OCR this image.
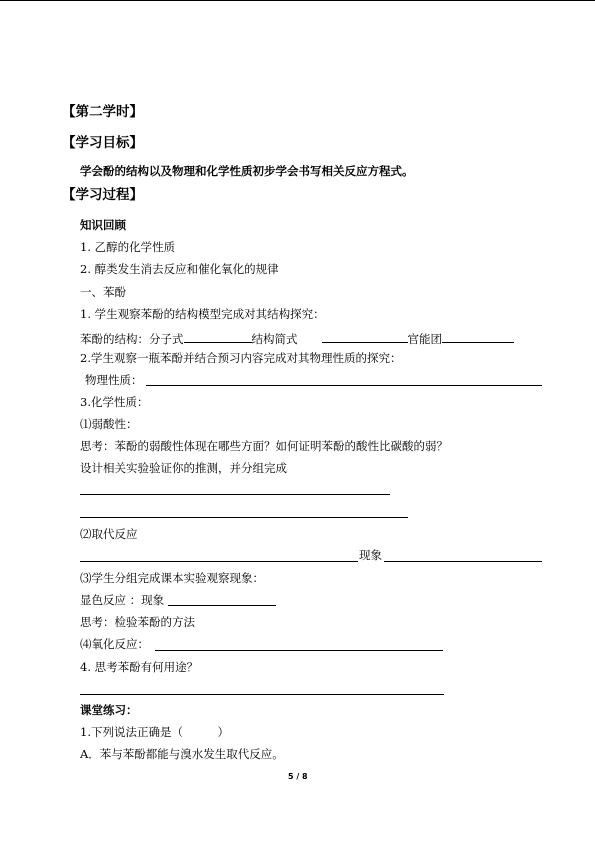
【第二学时】
【学习目标】
学会酚的结构以及物理和化学性质初步学会书写相关反应方程式。
【学习过程】
知识回顾
1. 乙醇的化学性质
2. 醇类发生消去反应和催化氧化的规律
一、苯酚
1. 学生观察苯酚的结构模型完成对其结构探究：
苯酚的结构：分子式	结构简式	官能团
2.学生观察一瓶苯酚并结合预习内容完成对其物理性质的探究：
物理性质：
3.化学性质：
⑴弱酸性：
思考：苯酚的弱酸性体现在哪些方面？如何证明苯酚的酸性比碳酸的弱？
设计相关实验验证你的推测，并分组完成
⑵取代反应
现象
⑶学生分组完成课本实验观察现象：
显色反应 ：现象
思考：检验苯酚的方法
⑷氧化反应：
4. 思考苯酚有何用途？
课堂练习：
1.下列说法正确是（　　　）
A．苯与苯酚都能与溴水发生取代反应。
5 / 8
